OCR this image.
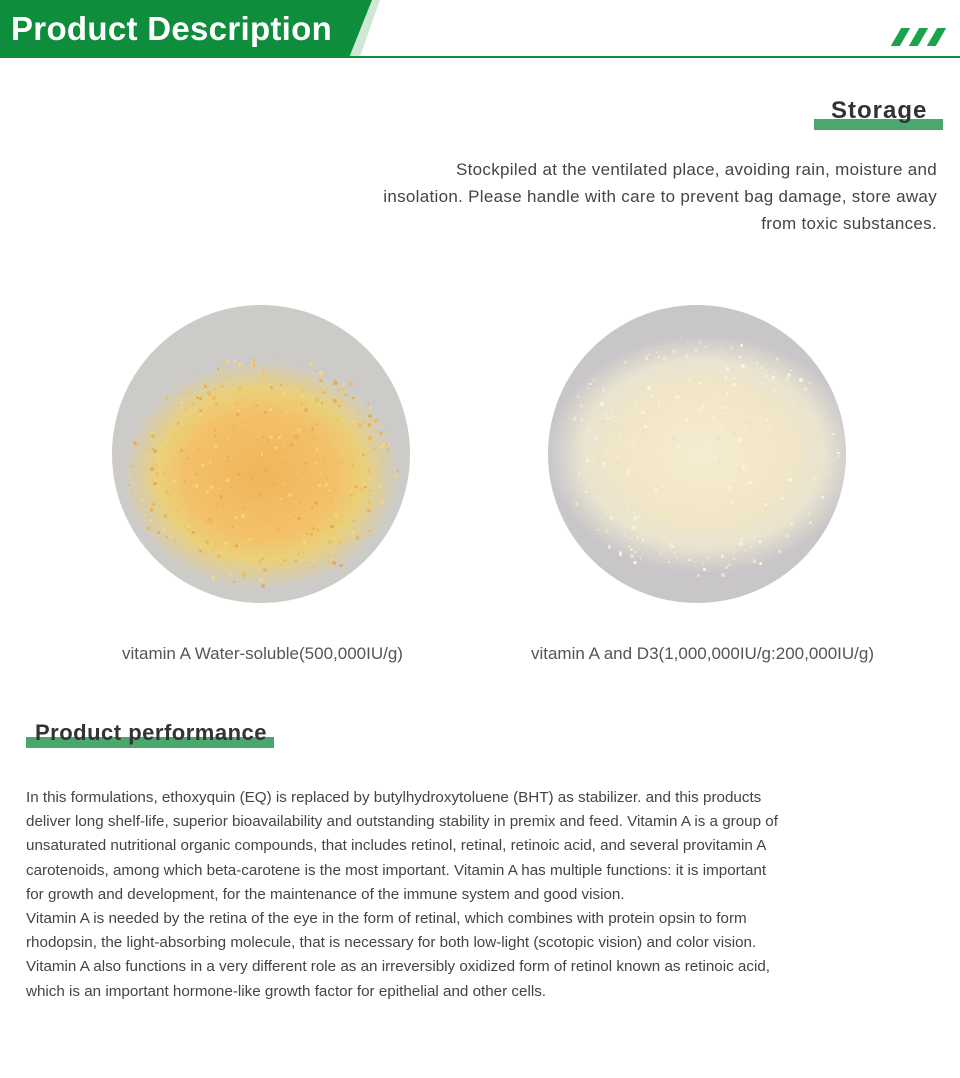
Product Description
Storage
Stockpiled at the ventilated place, avoiding rain, moisture and insolation. Please handle with care to prevent bag damage, store away from toxic substances.
vitamin A Water-soluble(500,000IU/g)	vitamin A and D3(1,000,000IU/g:200,000IU/g)
Product performance

In this formulations, ethoxyquin (EQ) is replaced by butylhydroxytoluene (BHT) as stabilizer. and this products deliver long shelf-life, superior bioavailability and outstanding stability in premix and feed. Vitamin A is a group of unsaturated nutritional organic compounds, that includes retinol, retinal, retinoic acid, and several provitamin A carotenoids, among which beta-carotene is the most important. Vitamin A has multiple functions: it is important for growth and development, for the maintenance of the immune system and good vision.

Vitamin A is needed by the retina of the eye in the form of retinal, which combines with protein opsin to form rhodopsin, the light-absorbing molecule, that is necessary for both low-light (scotopic vision) and color vision. Vitamin A also functions in a very different role as an irreversibly oxidized form of retinol known as retinoic acid, which is an important hormone-like growth factor for epithelial and other cells.
